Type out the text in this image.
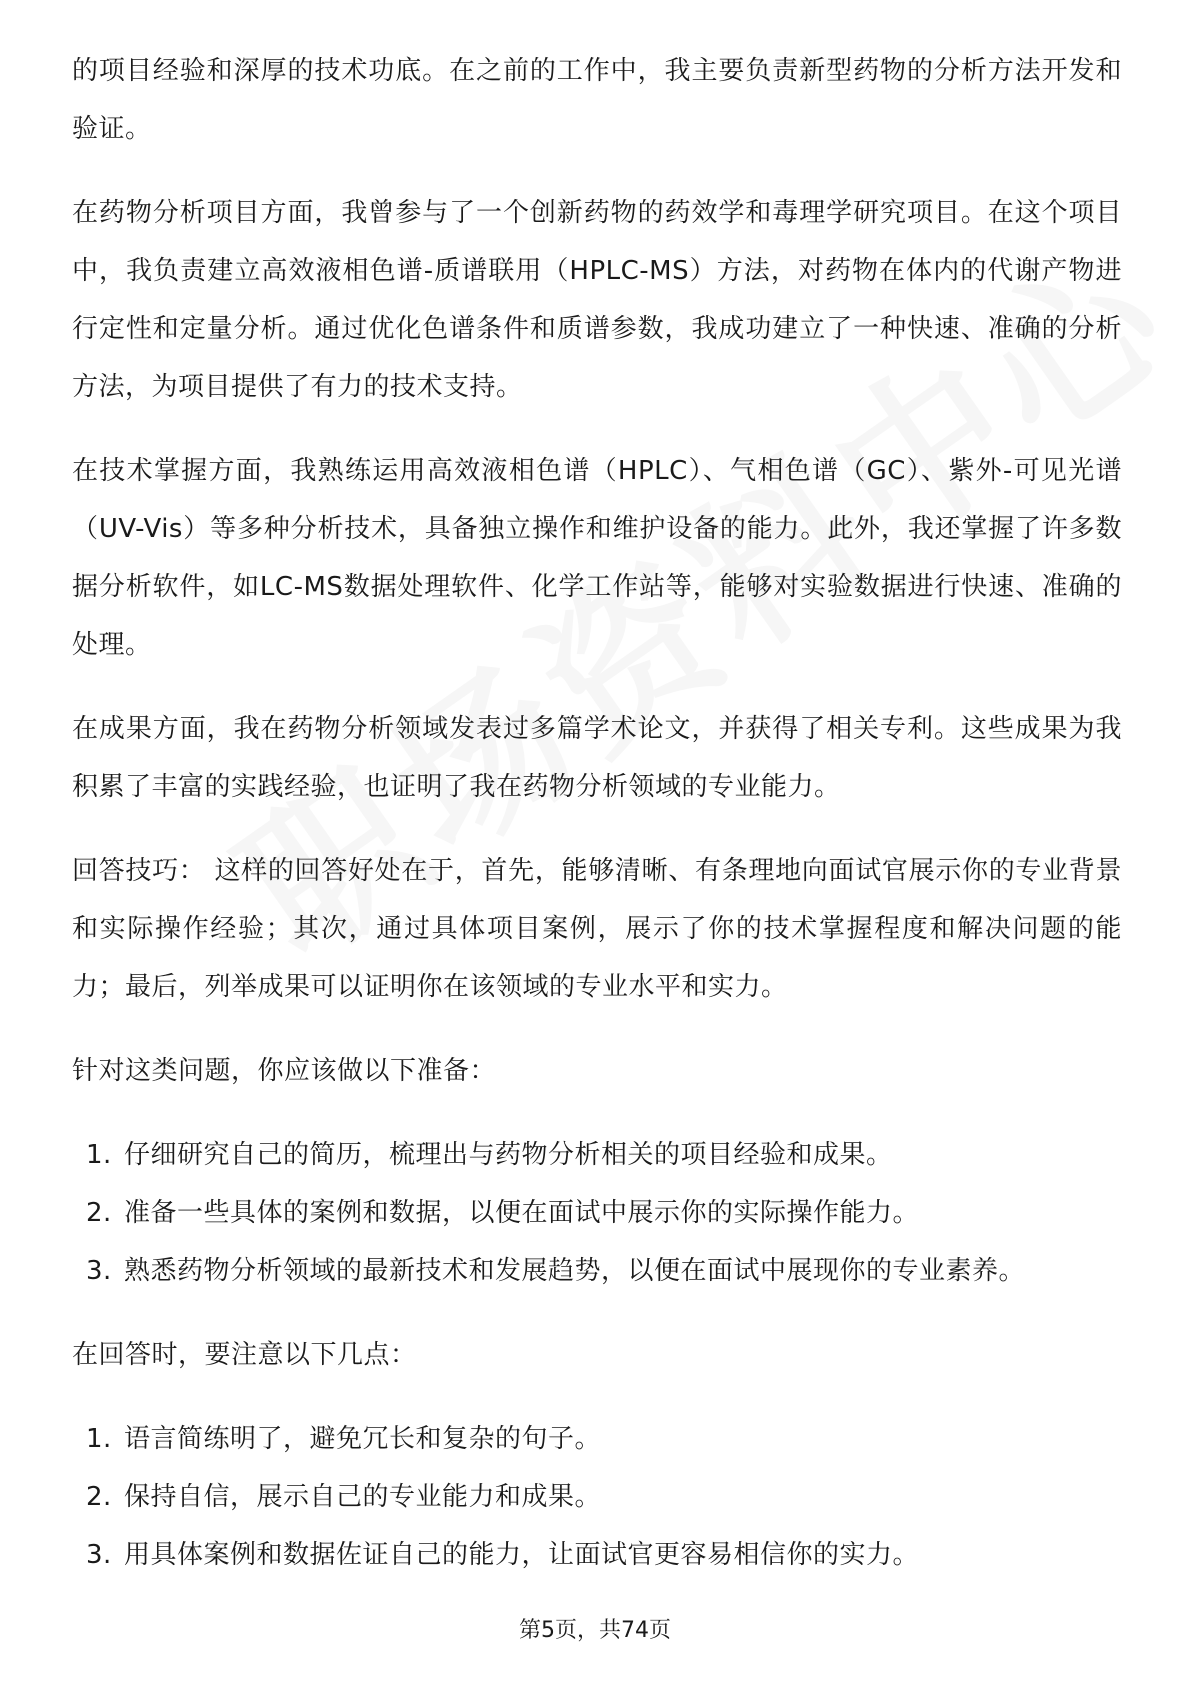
的项目经验和深厚的技术功底。在之前的工作中，我主要负责新型药物的分析方法开发和验证。

在药物分析项目方面，我曾参与了一个创新药物的药效学和毒理学研究项目。在这个项目中，我负责建立高效液相色谱-质谱联用（HPLC-MS）方法，对药物在体内的代谢产物进行定性和定量分析。通过优化色谱条件和质谱参数，我成功建立了一种快速、准确的分析方法，为项目提供了有力的技术支持。

在技术掌握方面，我熟练运用高效液相色谱（HPLC）、气相色谱（GC）、紫外-可见光谱（UV-Vis）等多种分析技术，具备独立操作和维护设备的能力。此外，我还掌握了许多数据分析软件，如LC-MS数据处理软件、化学工作站等，能够对实验数据进行快速、准确的处理。

在成果方面，我在药物分析领域发表过多篇学术论文，并获得了相关专利。这些成果为我积累了丰富的实践经验，也证明了我在药物分析领域的专业能力。

回答技巧： 这样的回答好处在于，首先，能够清晰、有条理地向面试官展示你的专业背景和实际操作经验；其次，通过具体项目案例，展示了你的技术掌握程度和解决问题的能力；最后，列举成果可以证明你在该领域的专业水平和实力。

针对这类问题，你应该做以下准备：

1. 仔细研究自己的简历，梳理出与药物分析相关的项目经验和成果。
2. 准备一些具体的案例和数据，以便在面试中展示你的实际操作能力。
3. 熟悉药物分析领域的最新技术和发展趋势，以便在面试中展现你的专业素养。

在回答时，要注意以下几点：

1. 语言简练明了，避免冗长和复杂的句子。
2. 保持自信，展示自己的专业能力和成果。
3. 用具体案例和数据佐证自己的能力，让面试官更容易相信你的实力。
第5页，共74页
